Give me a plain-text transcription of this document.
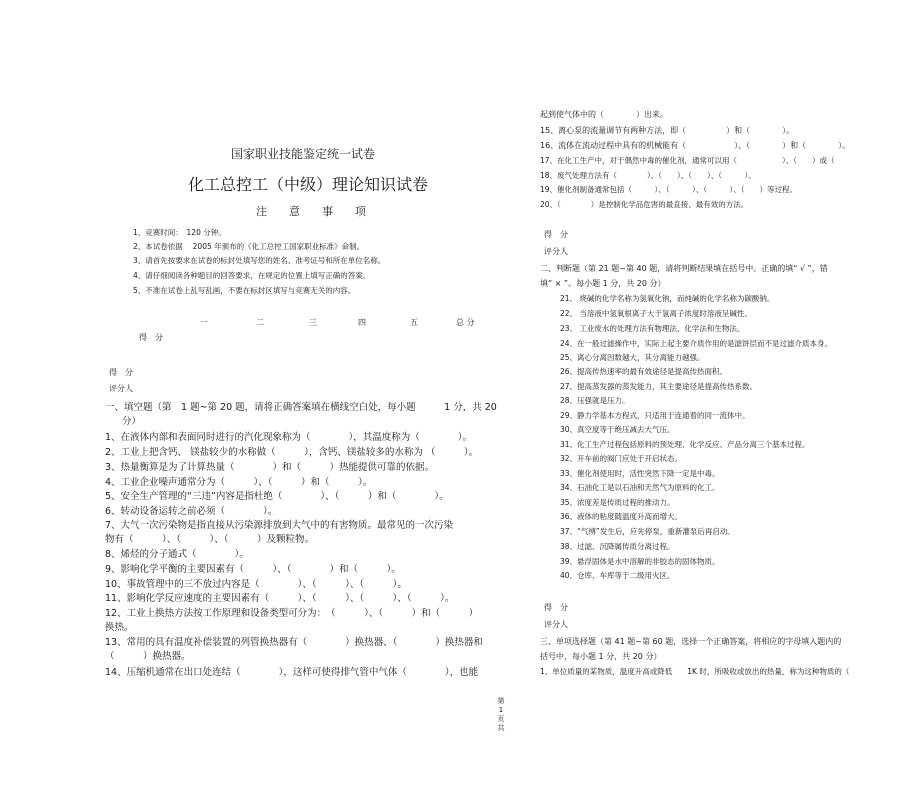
国家职业技能鉴定统一试卷
化工总控工（中级）理论知识试卷
注　　意　　事　　项
1、竞赛时间：　120 分钟。
2、本试卷依据　 2005 年颁布的《化工总控工国家职业标准》命制。
3、请首先按要求在试卷的标封处填写您的姓名、准考证号和所在单位名称。
4、请仔细阅读各种题目的回答要求，在规定的位置上填写正确的答案。
5、不准在试卷上乱写乱画，不要在标封区填写与竞赛无关的内容。
一	二	三	四	五	总 分
得　分
得　分
评分人
一、填空题（第　1 题~第 20 题，请将正确答案填在横线空白处，每小题　　　1 分，共 20
分）
1、在液体内部和表面同时进行的汽化现象称为（　　　　），其温度称为（　　　　）。
2、工业上把含钙、 镁盐较少的水称做（　　　），含钙、镁盐较多的水称为 （　　　）。
3、热量衡算是为了计算热量（　　　　）和（　　　）热能提供可靠的依据。
4、工业企业噪声通常分为（　　　）、（　　　）和（　　　）。
5、安全生产管理的“三违”内容是指杜绝（　　　　）、（　　　）和（　　　　）。
6、转动设备运转之前必须（　　　　）。
7、大气一次污染物是指直接从污染源排放到大气中的有害物质。最常见的一次污染
物有（　　　）、（　　　）、（　　　）及颗粒物。
8、烯烃的分子通式（　　　　）。
9、影响化学平衡的主要因素有（　　　）、（　　　　）和（　　　）。
10、事故管理中的三不放过内容是（　　　　）、（　　　）、（　　　）。
11、影响化学反应速度的主要因素有（　　　）、（　　　）、（　　　）、（　　　）。
12、工业上换热方法按工作原理和设备类型可分为：　（　　　）、（　　　）和（　　　）
换热。
13、常用的具有温度补偿装置的列管换热器有（　　　　）换热器、（　　　　）换热器和
（　　　）换热器。
14、压缩机通常在出口处连结（　　　　），这样可使得排气管中气体（　　　　），也能
第
1
页
共
起到使气体中的（　　　　）出来。
15、离心泵的流量调节有两种方法，即（　　　　　）和（　　　　）。
16、流体在流动过程中具有的机械能有（　　　　　　）、（　　　　）和（　　　　）。
17、在化工生产中，对于偶然中毒的催化剂，通常可以用（　　　　　　）、（　　）或（　　
18、废气处理方法有（　　　　）、（　　）、（　　）、（　　　）。
19、催化剂制备通常包括（　　　）、（　　　）、（　　　）、（　　）等过程。
20、（　　　　）是控制化学品危害的最直接、最有效的方法。
得　分
评分人
二、判断题（第 21 题~第 40 题，请将判断结果填在括号中。正确的填“ √ ”，错
填“ × ”。每小题 1 分，共 20 分）
21、 烧碱的化学名称为氢氧化钠，而纯碱的化学名称为碳酸钠。
22、 当溶液中氢氧根离子大于氢离子浓度时溶液呈碱性。
23、 工业废水的处理方法有物理法、化学法和生物法。
24、在一般过滤操作中，实际上起主要介质作用的是滤饼层而不是过滤介质本身。
25、离心分离因数越大，其分离能力越强。
26、提高传热速率的最有效途径是提高传热面积。
27、提高蒸发器的蒸发能力，其主要途径是提高传热系数。
28、压强就是压力。
29、静力学基本方程式，只适用于连通着的同一流体中。
30、真空度等于绝压减去大气压。
31、化工生产过程包括原料的预处理、化学反应、产品分离三个基本过程。
32、开车前的阀门应处于开启状态。
33、催化剂使用时，活性突然下降一定是中毒。
34、石油化工是以石油和天然气为原料的化工。
35、浓度差是传质过程的推动力。
36、液体的粘度随温度升高而增大。
37、“气缚”发生后，应先停泵，重新灌泵后再启动。
38、过滤、沉降属传质分离过程。
39、悬浮固体是水中溶解的非胶态的固体物质。
40、仓库、车库等于二级用火区。
得　分
评分人
三、单项选择题（第 41 题~第 60 题，选择一个正确答案，将相应的字母填入题内的
括号中，每小题 1 分，共 20 分）
1、单位质量的某物质，温度升高或降低　　1K 时，所吸收或放出的热量，称为这种物质的（
